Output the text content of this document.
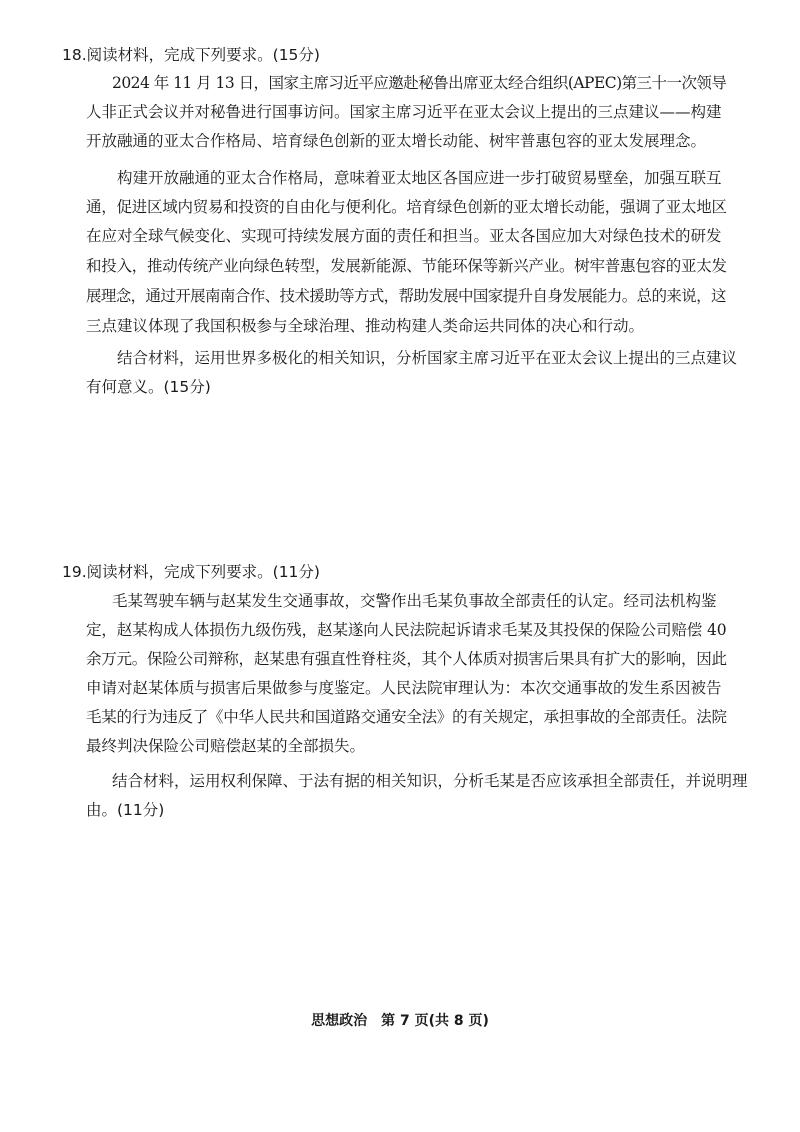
18.阅读材料，完成下列要求。(15分)
2024 年 11 月 13 日，国家主席习近平应邀赴秘鲁出席亚太经合组织(APEC)第三十一次领导
人非正式会议并对秘鲁进行国事访问。国家主席习近平在亚太会议上提出的三点建议——构建
开放融通的亚太合作格局、培育绿色创新的亚太增长动能、树牢普惠包容的亚太发展理念。
构建开放融通的亚太合作格局，意味着亚太地区各国应进一步打破贸易壁垒，加强互联互
通，促进区域内贸易和投资的自由化与便利化。培育绿色创新的亚太增长动能，强调了亚太地区
在应对全球气候变化、实现可持续发展方面的责任和担当。亚太各国应加大对绿色技术的研发
和投入，推动传统产业向绿色转型，发展新能源、节能环保等新兴产业。树牢普惠包容的亚太发
展理念，通过开展南南合作、技术援助等方式，帮助发展中国家提升自身发展能力。总的来说，这
三点建议体现了我国积极参与全球治理、推动构建人类命运共同体的决心和行动。
结合材料，运用世界多极化的相关知识，分析国家主席习近平在亚太会议上提出的三点建议
有何意义。(15分)
19.阅读材料，完成下列要求。(11分)
毛某驾驶车辆与赵某发生交通事故，交警作出毛某负事故全部责任的认定。经司法机构鉴
定，赵某构成人体损伤九级伤残，赵某遂向人民法院起诉请求毛某及其投保的保险公司赔偿 40
余万元。保险公司辩称，赵某患有强直性脊柱炎，其个人体质对损害后果具有扩大的影响，因此
申请对赵某体质与损害后果做参与度鉴定。人民法院审理认为：本次交通事故的发生系因被告
毛某的行为违反了《中华人民共和国道路交通安全法》的有关规定，承担事故的全部责任。法院
最终判决保险公司赔偿赵某的全部损失。
结合材料，运用权利保障、于法有据的相关知识，分析毛某是否应该承担全部责任，并说明理
由。(11分)
思想政治　第 7 页(共 8 页)
